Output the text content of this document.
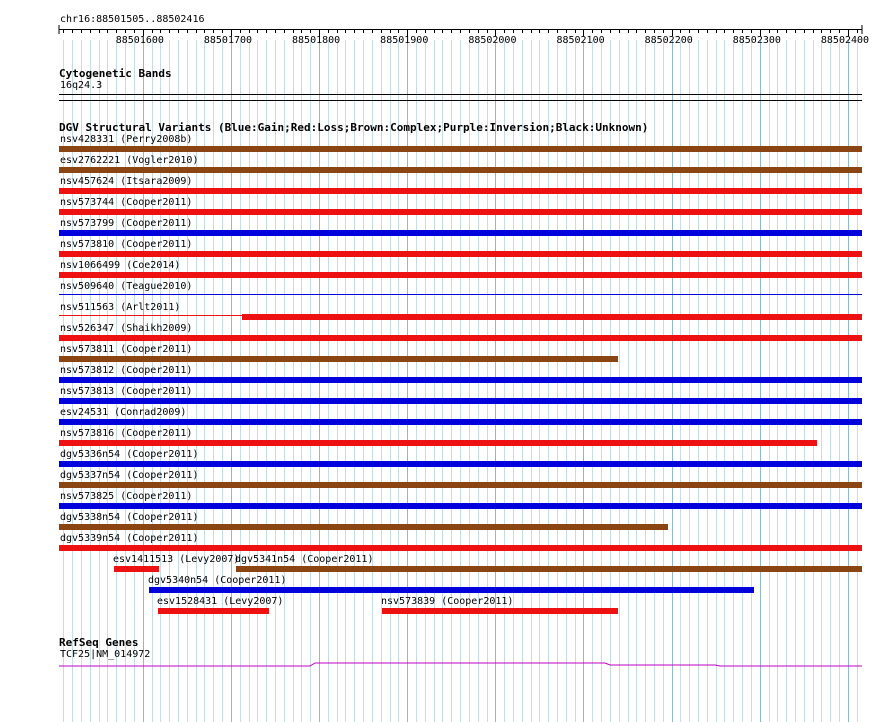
chr16:88501505..88502416
88501600	88501700	88501800	88501900	88502000	88502100	88502200	88502300	88502400
Cytogenetic Bands
16q24.3
DGV Structural Variants (Blue:Gain;Red:Loss;Brown:Complex;Purple:Inversion;Black:Unknown)
nsv428331 (Perry2008b)
esv2762221 (Vogler2010)
nsv457624 (Itsara2009)
nsv573744 (Cooper2011)
nsv573799 (Cooper2011)
nsv573810 (Cooper2011)
nsv1066499 (Coe2014)
nsv509640 (Teague2010)
nsv511563 (Arlt2011)
nsv526347 (Shaikh2009)
nsv573811 (Cooper2011)
nsv573812 (Cooper2011)
nsv573813 (Cooper2011)
esv24531 (Conrad2009)
nsv573816 (Cooper2011)
dgv5336n54 (Cooper2011)
dgv5337n54 (Cooper2011)
nsv573825 (Cooper2011)
dgv5338n54 (Cooper2011)
dgv5339n54 (Cooper2011)
esv1411513 (Levy2007)
dgv5341n54 (Cooper2011)
dgv5340n54 (Cooper2011)
esv1528431 (Levy2007)	nsv573839 (Cooper2011)
RefSeq Genes
TCF25|NM_014972
